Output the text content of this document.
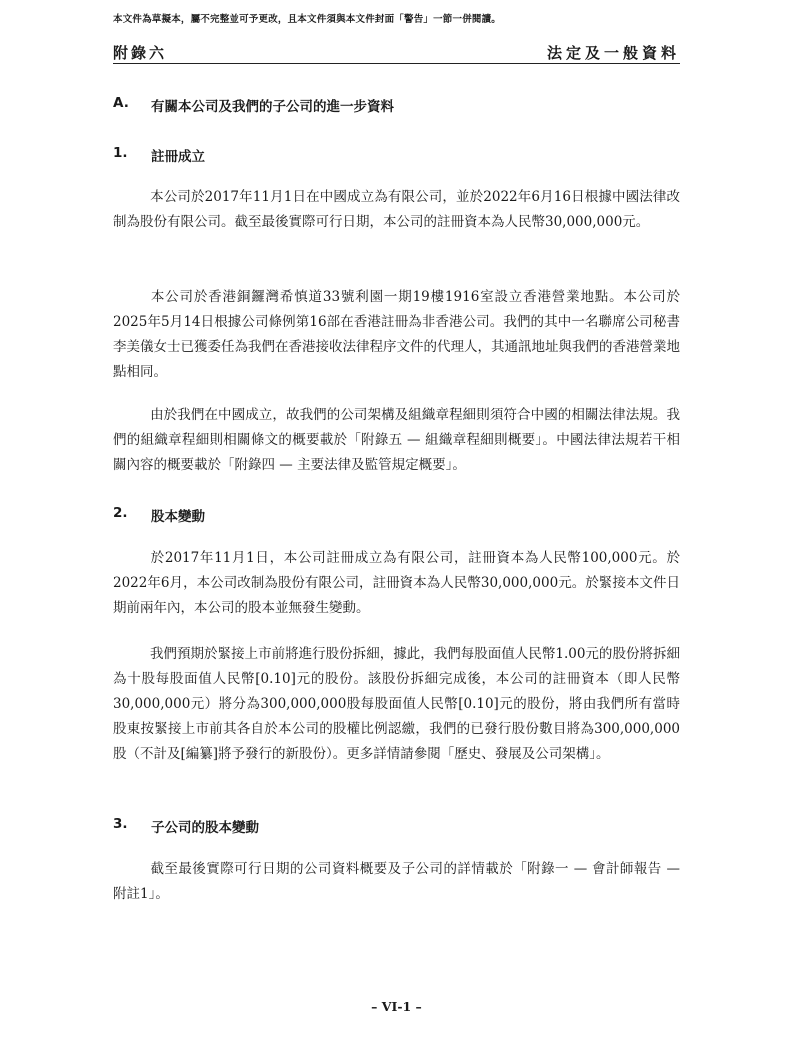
本文件為草擬本，屬不完整並可予更改，且本文件須與本文件封面「警告」一節一併閱讀。
附錄六	法定及一般資料
A. 有關本公司及我們的子公司的進一步資料
1. 註冊成立
本公司於2017年11月1日在中國成立為有限公司，並於2022年6月16日根據中國法律改制為股份有限公司。截至最後實際可行日期，本公司的註冊資本為人民幣30,000,000元。
本公司於香港銅鑼灣希慎道33號利園一期19樓1916室設立香港營業地點。本公司於2025年5月14日根據公司條例第16部在香港註冊為非香港公司。我們的其中一名聯席公司秘書李美儀女士已獲委任為我們在香港接收法律程序文件的代理人，其通訊地址與我們的香港營業地點相同。
由於我們在中國成立，故我們的公司架構及組織章程細則須符合中國的相關法律法規。我們的組織章程細則相關條文的概要載於「附錄五 — 組織章程細則概要」。中國法律法規若干相關內容的概要載於「附錄四 — 主要法律及監管規定概要」。
2. 股本變動
於2017年11月1日，本公司註冊成立為有限公司，註冊資本為人民幣100,000元。於2022年6月，本公司改制為股份有限公司，註冊資本為人民幣30,000,000元。於緊接本文件日期前兩年內，本公司的股本並無發生變動。
我們預期於緊接上市前將進行股份拆細，據此，我們每股面值人民幣1.00元的股份將拆細為十股每股面值人民幣[0.10]元的股份。該股份拆細完成後，本公司的註冊資本（即人民幣30,000,000元）將分為300,000,000股每股面值人民幣[0.10]元的股份，將由我們所有當時股東按緊接上市前其各自於本公司的股權比例認繳，我們的已發行股份數目將為300,000,000股（不計及[編纂]將予發行的新股份）。更多詳情請參閱「歷史、發展及公司架構」。
3. 子公司的股本變動
截至最後實際可行日期的公司資料概要及子公司的詳情載於「附錄一 — 會計師報告 — 附註1」。
– VI-1 –
